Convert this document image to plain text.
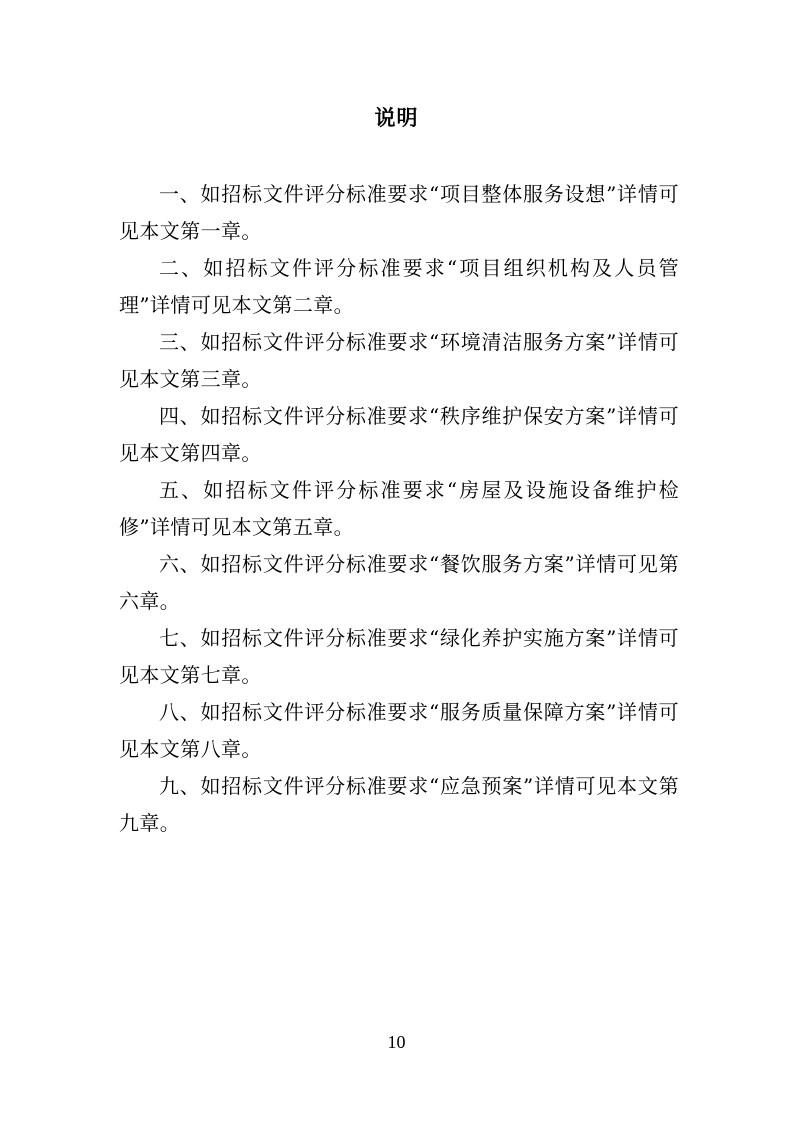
说明

一、如招标文件评分标准要求“项目整体服务设想”详情可见本文第一章。

二、如招标文件评分标准要求“项目组织机构及人员管理”详情可见本文第二章。

三、如招标文件评分标准要求“环境清洁服务方案”详情可见本文第三章。

四、如招标文件评分标准要求“秩序维护保安方案”详情可见本文第四章。

五、如招标文件评分标准要求“房屋及设施设备维护检修”详情可见本文第五章。

六、如招标文件评分标准要求“餐饮服务方案”详情可见第六章。

七、如招标文件评分标准要求“绿化养护实施方案”详情可见本文第七章。

八、如招标文件评分标准要求“服务质量保障方案”详情可见本文第八章。

九、如招标文件评分标准要求“应急预案”详情可见本文第九章。

10
